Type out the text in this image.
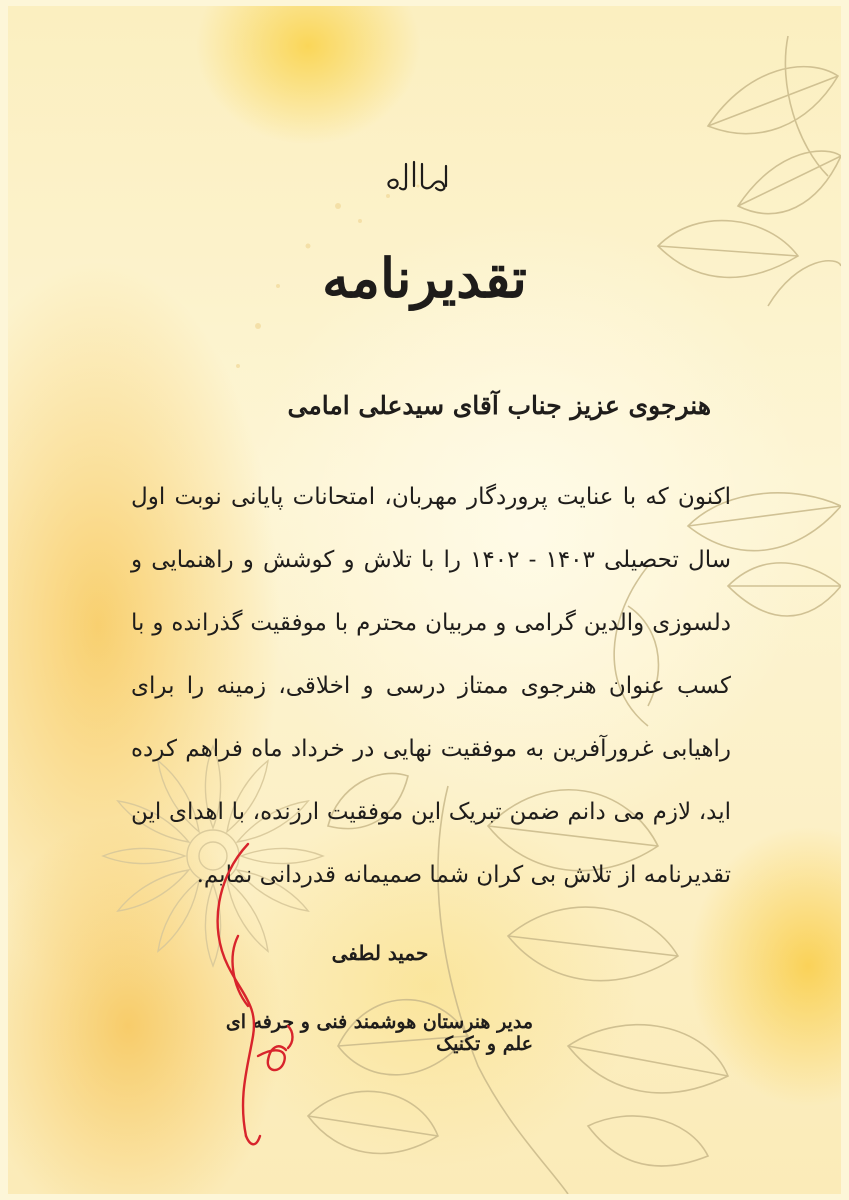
تقدیرنامه
هنرجوی عزیز جناب آقای سیدعلی امامی
اکنون که با عنایت پروردگار مهربان، امتحانات پایانی نوبت اول سال تحصیلی ۱۴۰۳ - ۱۴۰۲ را با تلاش و کوشش و راهنمایی و دلسوزی والدین گرامی و مربیان محترم با موفقیت گذرانده و با کسب عنوان هنرجوی ممتاز درسی و اخلاقی، زمینه را برای راهیابی غرورآفرین به موفقیت نهایی در خرداد ماه فراهم کرده اید، لازم می دانم ضمن تبریک این موفقیت ارزنده، با اهدای این تقدیرنامه از تلاش بی کران شما صمیمانه قدردانی نمایم.
حمید لطفی
مدیر هنرستان هوشمند فنی و حرفه ای علم و تکنیک
